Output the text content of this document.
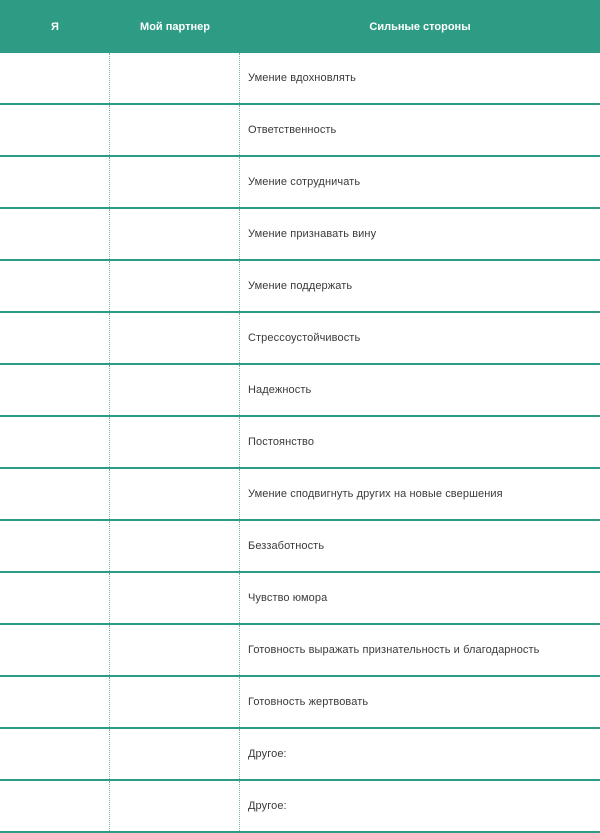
Я	Мой партнер	Сильные стороны
Умение вдохновлять
Ответственность
Умение сотрудничать
Умение признавать вину
Умение поддержать
Стрессоустойчивость
Надежность
Постоянство
Умение сподвигнуть других на новые свершения
Беззаботность
Чувство юмора
Готовность выражать признательность и благодарность
Готовность жертвовать
Другое:
Другое:
